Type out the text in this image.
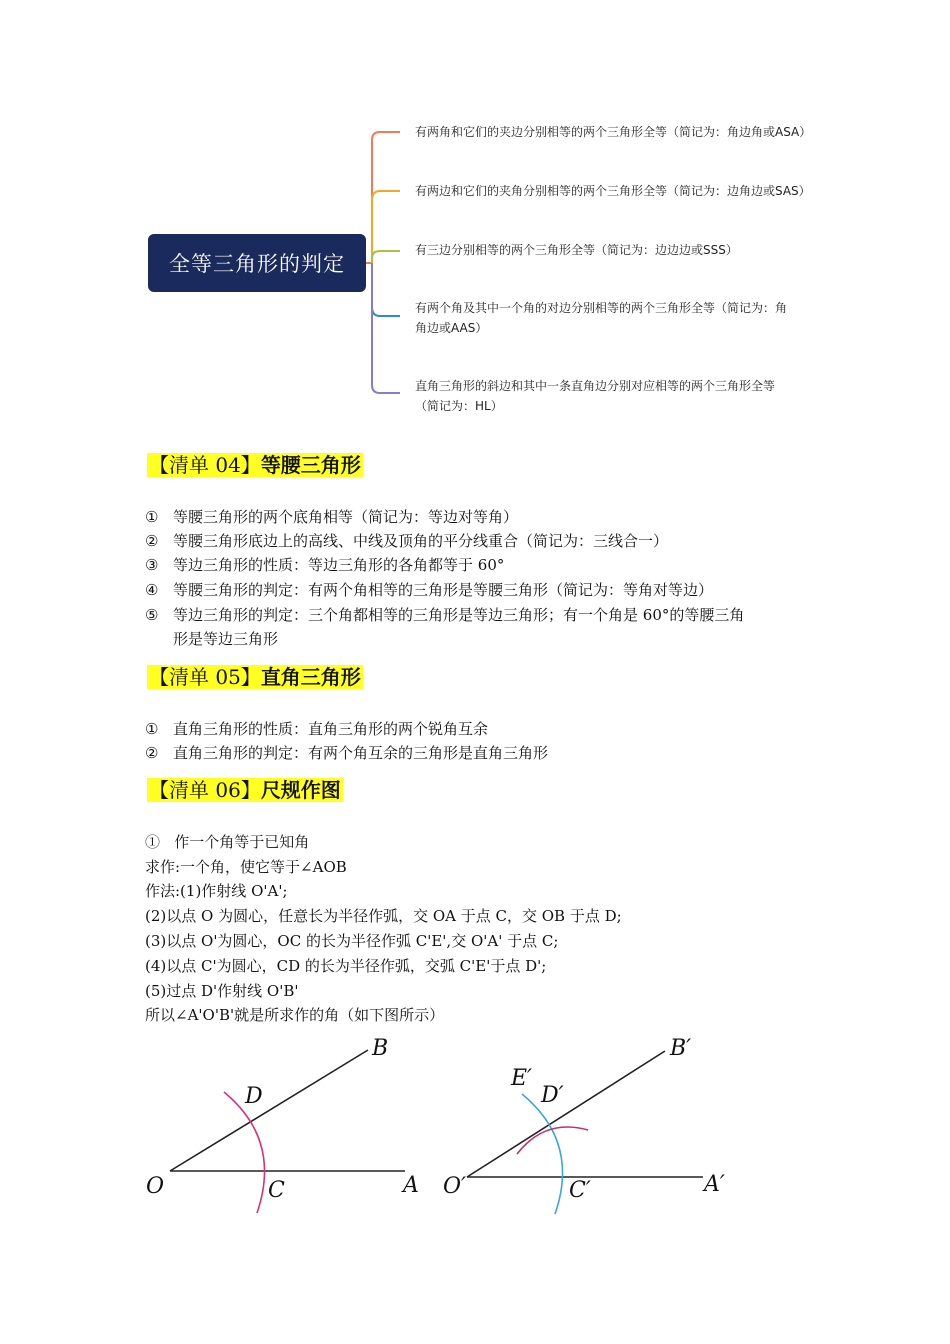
全等三角形的判定
有两角和它们的夹边分别相等的两个三角形全等（简记为：角边角或ASA）
有两边和它们的夹角分别相等的两个三角形全等（简记为：边角边或SAS）
有三边分别相等的两个三角形全等（简记为：边边边或SSS）
有两个角及其中一个角的对边分别相等的两个三角形全等（简记为：角
角边或AAS）
直角三角形的斜边和其中一条直角边分别对应相等的两个三角形全等
（简记为：HL）
【清单 04】等腰三角形
① 等腰三角形的两个底角相等（简记为：等边对等角）
② 等腰三角形底边上的高线、中线及顶角的平分线重合（简记为：三线合一）
③ 等边三角形的性质：等边三角形的各角都等于 60°
④ 等腰三角形的判定：有两个角相等的三角形是等腰三角形（简记为：等角对等边）
⑤ 等边三角形的判定：三个角都相等的三角形是等边三角形；有一个角是 60°的等腰三角
形是等边三角形
【清单 05】直角三角形
① 直角三角形的性质：直角三角形的两个锐角互余
② 直角三角形的判定：有两个角互余的三角形是直角三角形
【清单 06】尺规作图
①   作一个角等于已知角
求作:一个角，使它等于∠AOB
作法:(1)作射线 O'A';
(2)以点 O 为圆心，任意长为半径作弧，交 OA 于点 C，交 OB 于点 D;
(3)以点 O'为圆心，OC 的长为半径作弧 C'E',交 O'A' 于点 C;
(4)以点 C'为圆心，CD 的长为半径作弧，交弧 C'E'于点 D';
(5)过点 D'作射线 O'B'
所以∠A'O'B'就是所求作的角（如下图所示）
B
D
O	C	A
B′
E′
D′
O′	C′	A′
